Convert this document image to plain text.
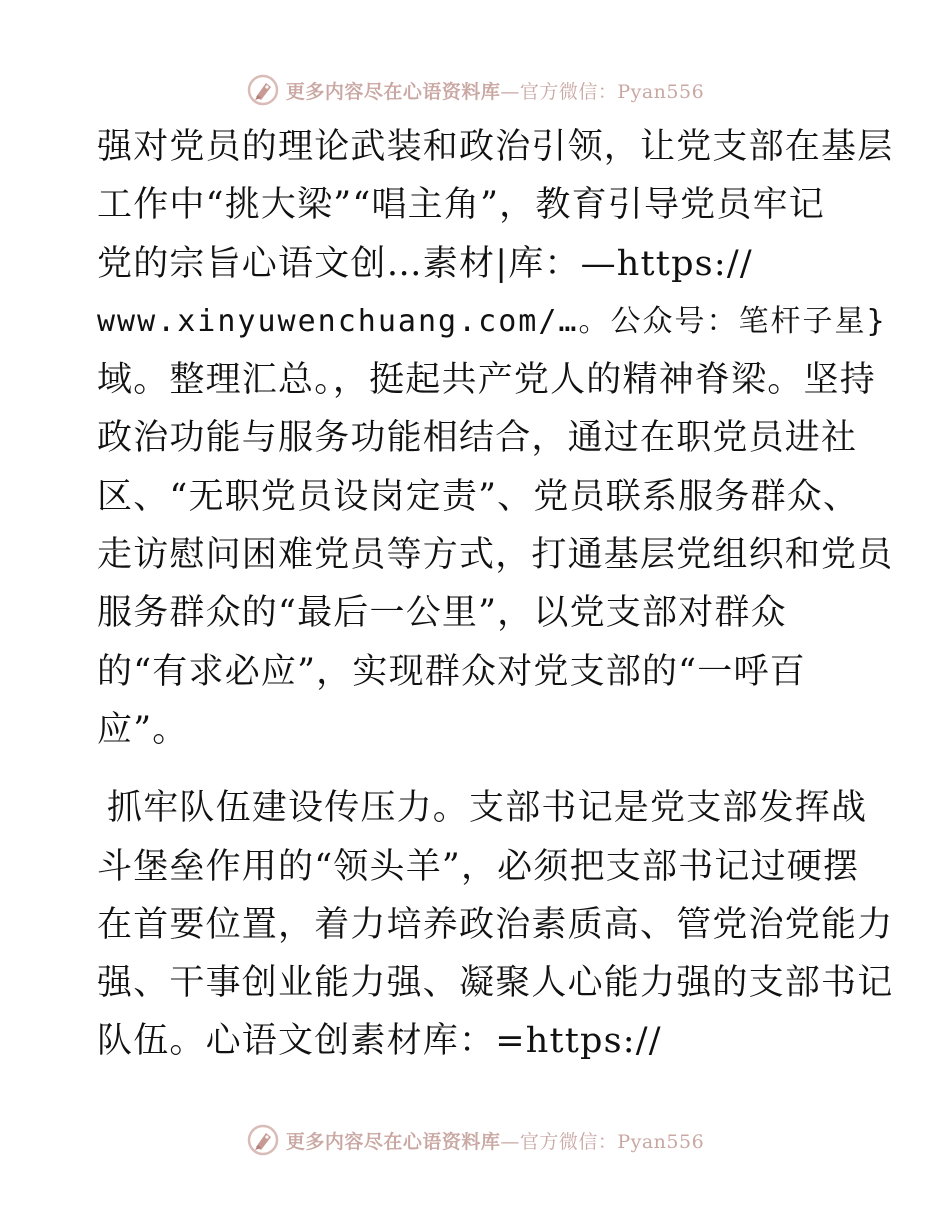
更多内容尽在心语资料库—官方微信：Pyan556
强对党员的理论武装和政治引领，让党支部在基层
工作中“挑大梁”“唱主角”，教育引导党员牢记
党的宗旨心语文创…素材|库：—https://
www.xinyuwenchuang.com/…。公众号：笔杆子星}
域。整理汇总。，挺起共产党人的精神脊梁。坚持
政治功能与服务功能相结合，通过在职党员进社
区、“无职党员设岗定责”、党员联系服务群众、
走访慰问困难党员等方式，打通基层党组织和党员
服务群众的“最后一公里”，以党支部对群众
的“有求必应”，实现群众对党支部的“一呼百
应”。
抓牢队伍建设传压力。支部书记是党支部发挥战
斗堡垒作用的“领头羊”，必须把支部书记过硬摆
在首要位置，着力培养政治素质高、管党治党能力
强、干事创业能力强、凝聚人心能力强的支部书记
队伍。心语文创素材库：=https://
更多内容尽在心语资料库—官方微信：Pyan556
